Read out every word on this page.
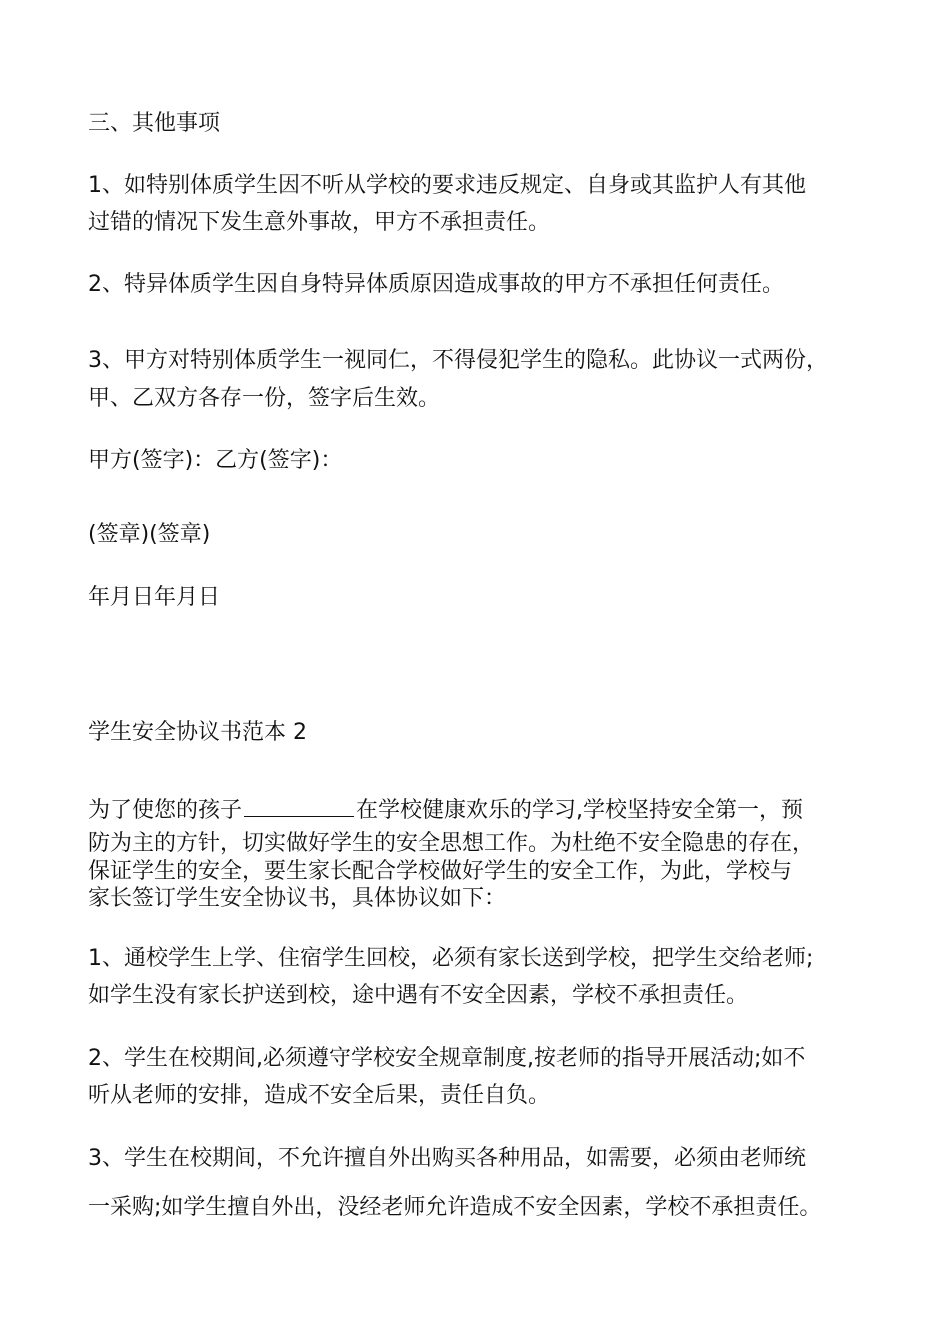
三、其他事项
1、如特别体质学生因不听从学校的要求违反规定、自身或其监护人有其他
过错的情况下发生意外事故，甲方不承担责任。
2、特异体质学生因自身特异体质原因造成事故的甲方不承担任何责任。
3、甲方对特别体质学生一视同仁，不得侵犯学生的隐私。此协议一式两份，
甲、乙双方各存一份，签字后生效。
甲方(签字)：乙方(签字)：
(签章)(签章)
年月日年月日
学生安全协议书范本 2
为了使您的孩子	在学校健康欢乐的学习,学校坚持安全第一，预
防为主的方针，切实做好学生的安全思想工作。为杜绝不安全隐患的存在，
保证学生的安全，要生家长配合学校做好学生的安全工作，为此，学校与
家长签订学生安全协议书，具体协议如下：
1、通校学生上学、住宿学生回校，必须有家长送到学校，把学生交给老师;
如学生没有家长护送到校，途中遇有不安全因素，学校不承担责任。
2、学生在校期间,必须遵守学校安全规章制度,按老师的指导开展活动;如不
听从老师的安排，造成不安全后果，责任自负。
3、学生在校期间，不允许擅自外出购买各种用品，如需要，必须由老师统
一采购;如学生擅自外出，没经老师允许造成不安全因素，学校不承担责任。
